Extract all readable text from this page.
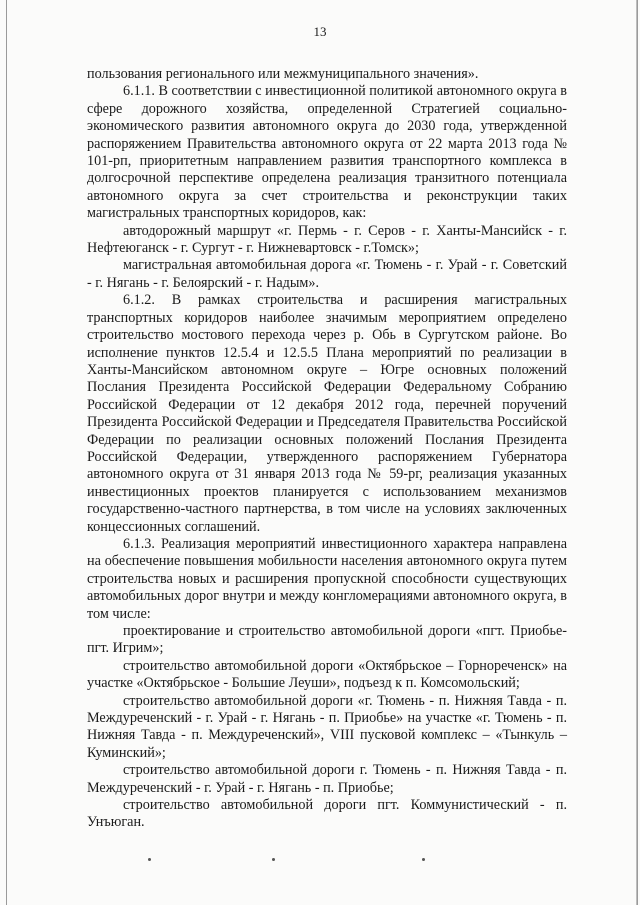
13

пользования регионального или межмуниципального значения».

6.1.1. В соответствии с инвестиционной политикой автономного округа в сфере дорожного хозяйства, определенной Стратегией социально-экономического развития автономного округа до 2030 года, утвержденной распоряжением Правительства автономного округа от 22 марта 2013 года № 101-рп, приоритетным направлением развития транспортного комплекса в долгосрочной перспективе определена реализация транзитного потенциала автономного округа за счет строительства и реконструкции таких магистральных транспортных коридоров, как:

автодорожный маршрут «г. Пермь - г. Серов - г. Ханты-Мансийск - г. Нефтеюганск - г. Сургут - г. Нижневартовск - г.Томск»;

магистральная автомобильная дорога «г. Тюмень - г. Урай - г. Советский - г. Нягань - г. Белоярский - г. Надым».

6.1.2. В рамках строительства и расширения магистральных транспортных коридоров наиболее значимым мероприятием определено строительство мостового перехода через р. Обь в Сургутском районе. Во исполнение пунктов 12.5.4 и 12.5.5 Плана мероприятий по реализации в Ханты-Мансийском автономном округе – Югре основных положений Послания Президента Российской Федерации Федеральному Собранию Российской Федерации от 12 декабря 2012 года, перечней поручений Президента Российской Федерации и Председателя Правительства Российской Федерации по реализации основных положений Послания Президента Российской Федерации, утвержденного распоряжением Губернатора автономного округа от 31 января 2013 года № 59-рг, реализация указанных инвестиционных проектов планируется с использованием механизмов государственно-частного партнерства, в том числе на условиях заключенных концессионных соглашений.

6.1.3. Реализация мероприятий инвестиционного характера направлена на обеспечение повышения мобильности населения автономного округа путем строительства новых и расширения пропускной способности существующих автомобильных дорог внутри и между конгломерациями автономного округа, в том числе:

проектирование и строительство автомобильной дороги «пгт. Приобье- пгт. Игрим»;

строительство автомобильной дороги «Октябрьское – Горнореченск» на участке «Октябрьское - Большие Леуши», подъезд к п. Комсомольский;

строительство автомобильной дороги «г. Тюмень - п. Нижняя Тавда - п. Междуреченский - г. Урай - г. Нягань - п. Приобье» на участке «г. Тюмень - п. Нижняя Тавда - п. Междуреченский», VIII пусковой комплекс – «Тынкуль – Куминский»;

строительство автомобильной дороги г. Тюмень - п. Нижняя Тавда - п. Междуреченский - г. Урай - г. Нягань - п. Приобье;

строительство автомобильной дороги пгт. Коммунистический - п. Унъюган.
